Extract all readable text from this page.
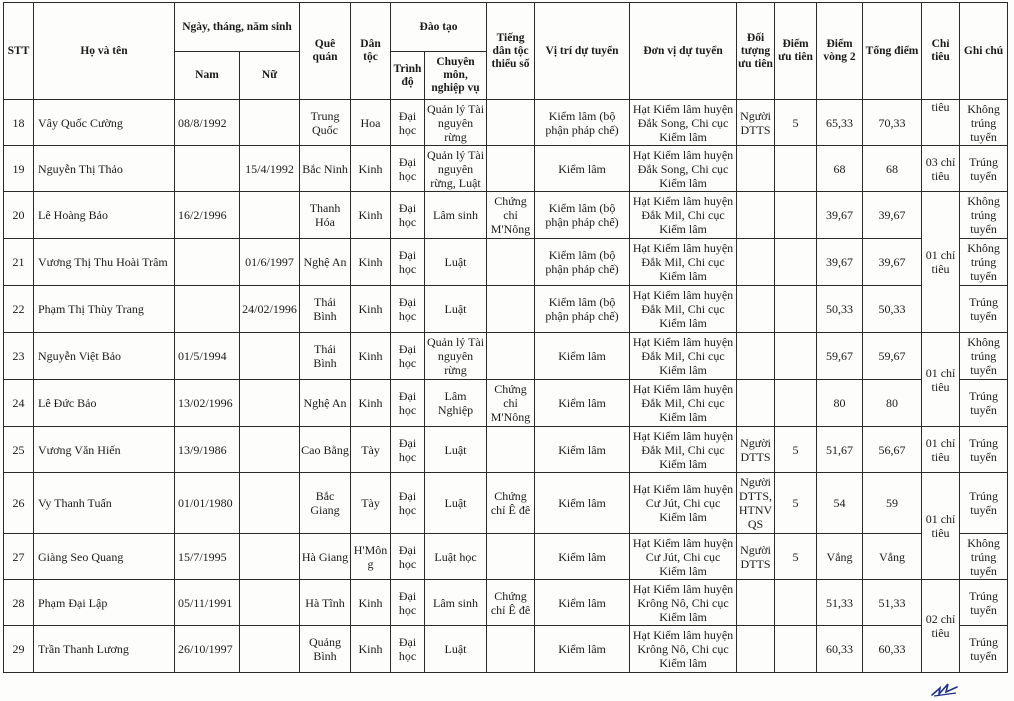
STT	Họ và tên	Ngày, tháng, năm sinh		Quê quán	Dân tộc	Đào tạo		Tiếng dân tộc thiểu số	Vị trí dự tuyển	Đơn vị dự tuyển	Đối tượng ưu tiên	Điểm ưu tiên	Điểm vòng 2	Tổng điểm	Chỉ tiêu	Ghi chú
		Nam	Nữ			Trình độ	Chuyên môn, nghiệp vụ									
18	Vây Quốc Cường	08/8/1992		Trung Quốc	Hoa	Đại học	Quản lý Tài nguyên rừng		Kiểm lâm (bộ phận pháp chế)	Hạt Kiểm lâm huyện Đắk Song, Chi cục Kiểm lâm	Người DTTS	5	65,33	70,33	tiêu	Không trúng tuyển
19	Nguyễn Thị Thảo		15/4/1992	Bắc Ninh	Kinh	Đại học	Quản lý Tài nguyên rừng, Luật		Kiểm lâm	Hạt Kiểm lâm huyện Đắk Song, Chi cục Kiểm lâm			68	68	03 chỉ tiêu	Trúng tuyển
20	Lê Hoàng Bảo	16/2/1996		Thanh Hóa	Kinh	Đại học	Lâm sinh	Chứng chỉ M'Nông	Kiểm lâm (bộ phận pháp chế)	Hạt Kiểm lâm huyện Đắk Mil, Chi cục Kiểm lâm			39,67	39,67	01 chỉ tiêu	Không trúng tuyển
21	Vương Thị Thu Hoài Trâm		01/6/1997	Nghệ An	Kinh	Đại học	Luật		Kiểm lâm (bộ phận pháp chế)	Hạt Kiểm lâm huyện Đắk Mil, Chi cục Kiểm lâm			39,67	39,67		Không trúng tuyển
22	Phạm Thị Thùy Trang		24/02/1996	Thái Bình	Kinh	Đại học	Luật		Kiểm lâm (bộ phận pháp chế)	Hạt Kiểm lâm huyện Đắk Mil, Chi cục Kiểm lâm			50,33	50,33		Trúng tuyển
23	Nguyễn Việt Bảo	01/5/1994		Thái Bình	Kinh	Đại học	Quản lý Tài nguyên rừng		Kiểm lâm	Hạt Kiểm lâm huyện Đắk Mil, Chi cục Kiểm lâm			59,67	59,67	01 chỉ tiêu	Không trúng tuyển
24	Lê Đức Bảo	13/02/1996		Nghệ An	Kinh	Đại học	Lâm Nghiệp	Chứng chỉ M'Nông	Kiểm lâm	Hạt Kiểm lâm huyện Đắk Mil, Chi cục Kiểm lâm			80	80		Trúng tuyển
25	Vương Văn Hiến	13/9/1986		Cao Bằng	Tày	Đại học	Luật		Kiểm lâm	Hạt Kiểm lâm huyện Đắk Mil, Chi cục Kiểm lâm	Người DTTS	5	51,67	56,67	01 chỉ tiêu	Trúng tuyển
26	Vy Thanh Tuấn	01/01/1980		Bắc Giang	Tày	Đại học	Luật	Chứng chỉ Ê đê	Kiểm lâm	Hạt Kiểm lâm huyện Cư Jút, Chi cục Kiểm lâm	Người DTTS, HTNV QS	5	54	59	01 chỉ tiêu	Trúng tuyển
27	Giàng Seo Quang	15/7/1995		Hà Giang	H'Môn g	Đại học	Luật học		Kiểm lâm	Hạt Kiểm lâm huyện Cư Jút, Chi cục Kiểm lâm	Người DTTS	5	Vắng	Vắng		Không trúng tuyển
28	Phạm Đại Lập	05/11/1991		Hà Tĩnh	Kinh	Đại học	Lâm sinh	Chứng chỉ Ê đê	Kiểm lâm	Hạt Kiểm lâm huyện Krông Nô, Chi cục Kiểm lâm			51,33	51,33	02 chỉ tiêu	Trúng tuyển
29	Trần Thanh Lương	26/10/1997		Quảng Bình	Kinh	Đại học	Luật		Kiểm lâm	Hạt Kiểm lâm huyện Krông Nô, Chi cục Kiểm lâm			60,33	60,33		Trúng tuyển
